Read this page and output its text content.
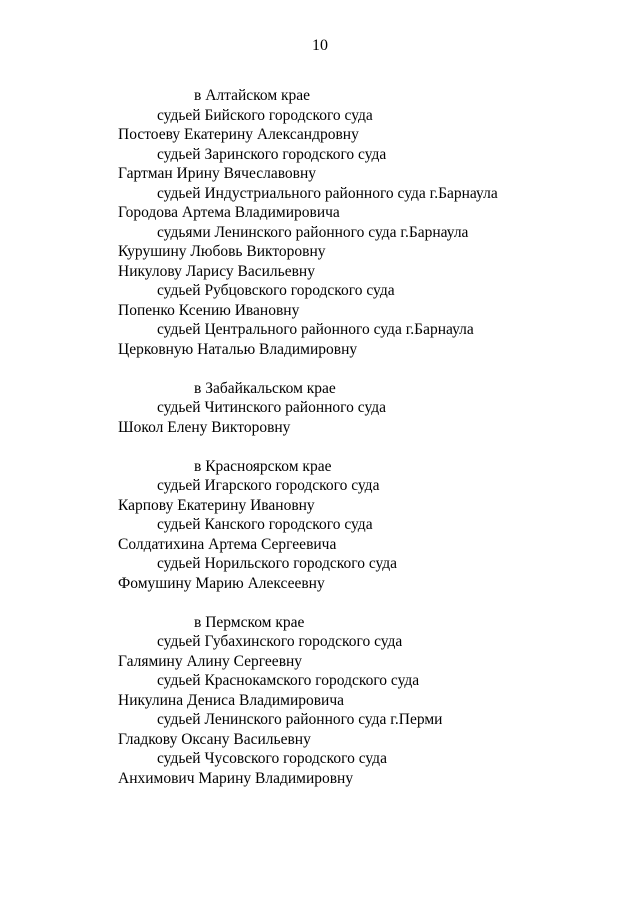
10
в Алтайском крае
судьей Бийского городского суда
Постоеву Екатерину Александровну
судьей Заринского городского суда
Гартман Ирину Вячеславовну
судьей Индустриального районного суда г.Барнаула
Городова Артема Владимировича
судьями Ленинского районного суда г.Барнаула
Курушину Любовь Викторовну
Никулову Ларису Васильевну
судьей Рубцовского городского суда
Попенко Ксению Ивановну
судьей Центрального районного суда г.Барнаула
Церковную Наталью Владимировну
в Забайкальском крае
судьей Читинского районного суда
Шокол Елену Викторовну
в Красноярском крае
судьей Игарского городского суда
Карпову Екатерину Ивановну
судьей Канского городского суда
Солдатихина Артема Сергеевича
судьей Норильского городского суда
Фомушину Марию Алексеевну
в Пермском крае
судьей Губахинского городского суда
Галямину Алину Сергеевну
судьей Краснокамского городского суда
Никулина Дениса Владимировича
судьей Ленинского районного суда г.Перми
Гладкову Оксану Васильевну
судьей Чусовского городского суда
Анхимович Марину Владимировну
